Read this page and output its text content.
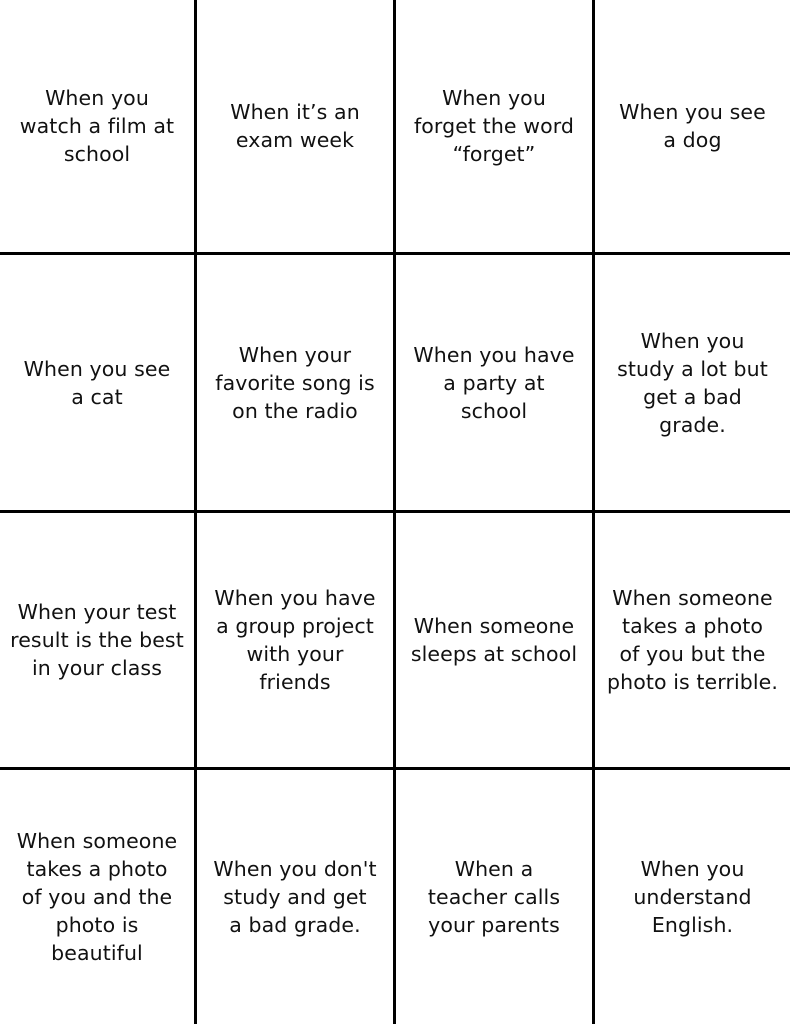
When you
watch a film at
school
When it’s an
exam week
When you
forget the word
“forget”
When you see
a dog
When you see
a cat
When your
favorite song is
on the radio
When you have
a party at
school
When you
study a lot but
get a bad
grade.
When your test
result is the best
in your class
When you have
a group project
with your
friends
When someone
sleeps at school
When someone
takes a photo
of you but the
photo is terrible.
When someone
takes a photo
of you and the
photo is
beautiful
When you don't
study and get
a bad grade.
When a
teacher calls
your parents
When you
understand
English.
